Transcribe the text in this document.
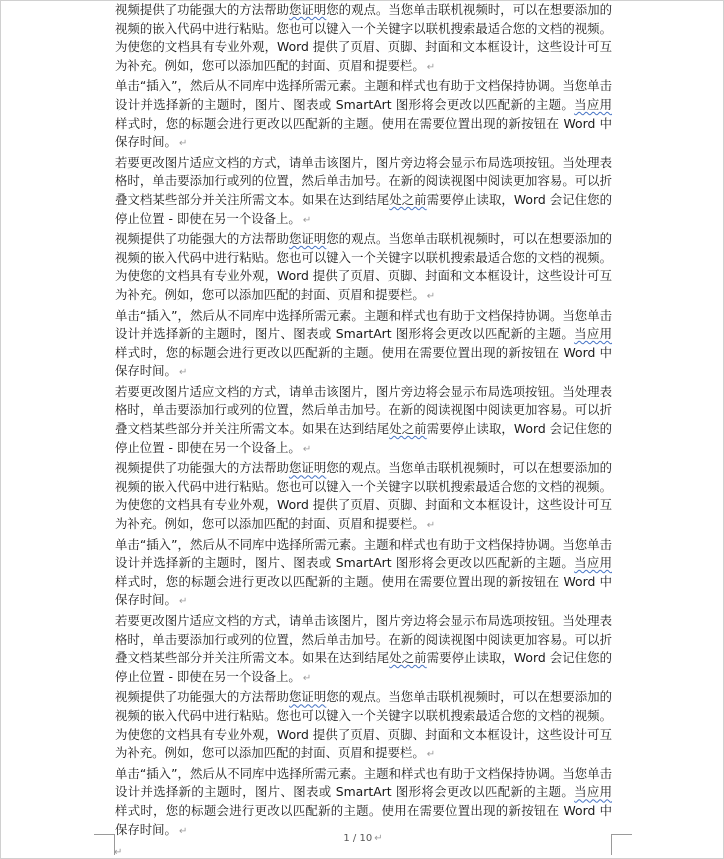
视频提供了功能强大的方法帮助您证明您的观点。当您单击联机视频时，可以在想要添加的视频的嵌入代码中进行粘贴。您也可以键入一个关键字以联机搜索最适合您的文档的视频。为使您的文档具有专业外观，Word 提供了页眉、页脚、封面和文本框设计，这些设计可互为补充。例如，您可以添加匹配的封面、页眉和提要栏。 ↵

单击“插入”，然后从不同库中选择所需元素。主题和样式也有助于文档保持协调。当您单击设计并选择新的主题时，图片、图表或 SmartArt 图形将会更改以匹配新的主题。当应用样式时，您的标题会进行更改以匹配新的主题。使用在需要位置出现的新按钮在 Word 中保存时间。 ↵

若要更改图片适应文档的方式，请单击该图片，图片旁边将会显示布局选项按钮。当处理表格时，单击要添加行或列的位置，然后单击加号。在新的阅读视图中阅读更加容易。可以折叠文档某些部分并关注所需文本。如果在达到结尾处之前需要停止读取，Word 会记住您的停止位置 - 即使在另一个设备上。 ↵

视频提供了功能强大的方法帮助您证明您的观点。当您单击联机视频时，可以在想要添加的视频的嵌入代码中进行粘贴。您也可以键入一个关键字以联机搜索最适合您的文档的视频。为使您的文档具有专业外观，Word 提供了页眉、页脚、封面和文本框设计，这些设计可互为补充。例如，您可以添加匹配的封面、页眉和提要栏。 ↵

单击“插入”，然后从不同库中选择所需元素。主题和样式也有助于文档保持协调。当您单击设计并选择新的主题时，图片、图表或 SmartArt 图形将会更改以匹配新的主题。当应用样式时，您的标题会进行更改以匹配新的主题。使用在需要位置出现的新按钮在 Word 中保存时间。 ↵

若要更改图片适应文档的方式，请单击该图片，图片旁边将会显示布局选项按钮。当处理表格时，单击要添加行或列的位置，然后单击加号。在新的阅读视图中阅读更加容易。可以折叠文档某些部分并关注所需文本。如果在达到结尾处之前需要停止读取，Word 会记住您的停止位置 - 即使在另一个设备上。 ↵

视频提供了功能强大的方法帮助您证明您的观点。当您单击联机视频时，可以在想要添加的视频的嵌入代码中进行粘贴。您也可以键入一个关键字以联机搜索最适合您的文档的视频。为使您的文档具有专业外观，Word 提供了页眉、页脚、封面和文本框设计，这些设计可互为补充。例如，您可以添加匹配的封面、页眉和提要栏。 ↵

单击“插入”，然后从不同库中选择所需元素。主题和样式也有助于文档保持协调。当您单击设计并选择新的主题时，图片、图表或 SmartArt 图形将会更改以匹配新的主题。当应用样式时，您的标题会进行更改以匹配新的主题。使用在需要位置出现的新按钮在 Word 中保存时间。 ↵

若要更改图片适应文档的方式，请单击该图片，图片旁边将会显示布局选项按钮。当处理表格时，单击要添加行或列的位置，然后单击加号。在新的阅读视图中阅读更加容易。可以折叠文档某些部分并关注所需文本。如果在达到结尾处之前需要停止读取，Word 会记住您的停止位置 - 即使在另一个设备上。 ↵

视频提供了功能强大的方法帮助您证明您的观点。当您单击联机视频时，可以在想要添加的视频的嵌入代码中进行粘贴。您也可以键入一个关键字以联机搜索最适合您的文档的视频。为使您的文档具有专业外观，Word 提供了页眉、页脚、封面和文本框设计，这些设计可互为补充。例如，您可以添加匹配的封面、页眉和提要栏。 ↵

单击“插入”，然后从不同库中选择所需元素。主题和样式也有助于文档保持协调。当您单击设计并选择新的主题时，图片、图表或 SmartArt 图形将会更改以匹配新的主题。当应用样式时，您的标题会进行更改以匹配新的主题。使用在需要位置出现的新按钮在 Word 中保存时间。 ↵

1 / 10 ↵
↵
